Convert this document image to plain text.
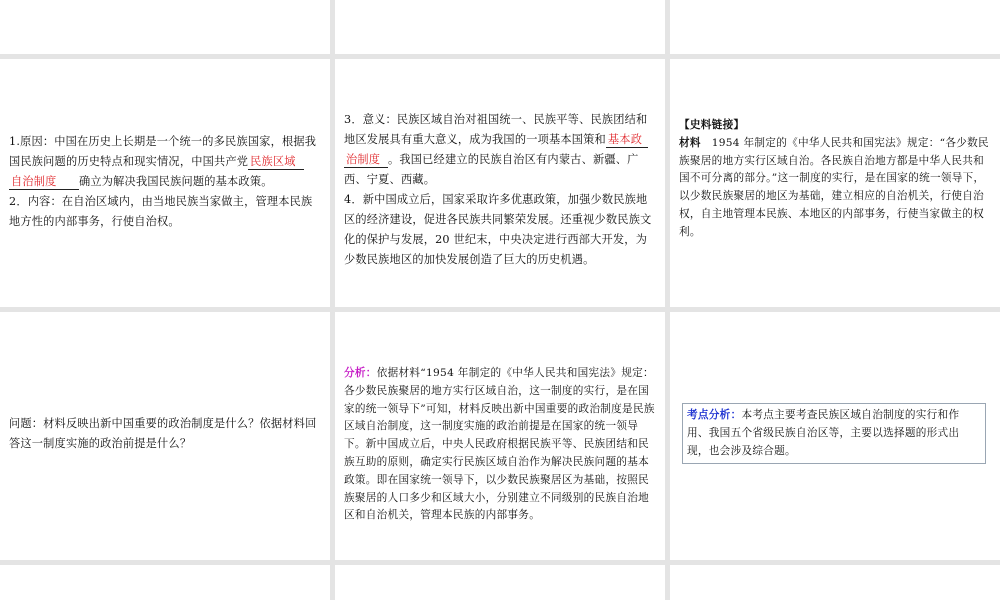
1.原因：中国在历史上长期是一个统一的多民族国家，根据我国民族问题的历史特点和现实情况，中国共产党 民族区域
自治制度 确立为解决我国民族问题的基本政策。
2．内容：在自治区域内，由当地民族当家做主，管理本民族地方性的内部事务，行使自治权。
3．意义：民族区域自治对祖国统一、民族平等、民族团结和地区发展具有重大意义，成为我国的一项基本国策和 基本政
治制度 。我国已经建立的民族自治区有内蒙古、新疆、广西、宁夏、西藏。
4．新中国成立后，国家采取许多优惠政策，加强少数民族地区的经济建设，促进各民族共同繁荣发展。还重视少数民族文化的保护与发展，20 世纪末，中央决定进行西部大开发，为少数民族地区的加快发展创造了巨大的历史机遇。
【史料链接】
材料　1954 年制定的《中华人民共和国宪法》规定：“各少数民族聚居的地方实行区域自治。各民族自治地方都是中华人民共和国不可分离的部分。”这一制度的实行，是在国家的统一领导下，以少数民族聚居的地区为基础，建立相应的自治机关，行使自治权，自主地管理本民族、本地区的内部事务，行使当家做主的权利。
问题：材料反映出新中国重要的政治制度是什么？依据材料回答这一制度实施的政治前提是什么？
分析：依据材料“1954 年制定的《中华人民共和国宪法》规定：各少数民族聚居的地方实行区域自治，这一制度的实行，是在国家的统一领导下”可知，材料反映出新中国重要的政治制度是民族区域自治制度，这一制度实施的政治前提是在国家的统一领导下。新中国成立后，中央人民政府根据民族平等、民族团结和民族互助的原则，确定实行民族区域自治作为解决民族问题的基本政策。即在国家统一领导下，以少数民族聚居区为基础，按照民族聚居的人口多少和区域大小，分别建立不同级别的民族自治地区和自治机关，管理本民族的内部事务。
考点分析：本考点主要考查民族区域自治制度的实行和作用、我国五个省级民族自治区等，主要以选择题的形式出现，也会涉及综合题。
